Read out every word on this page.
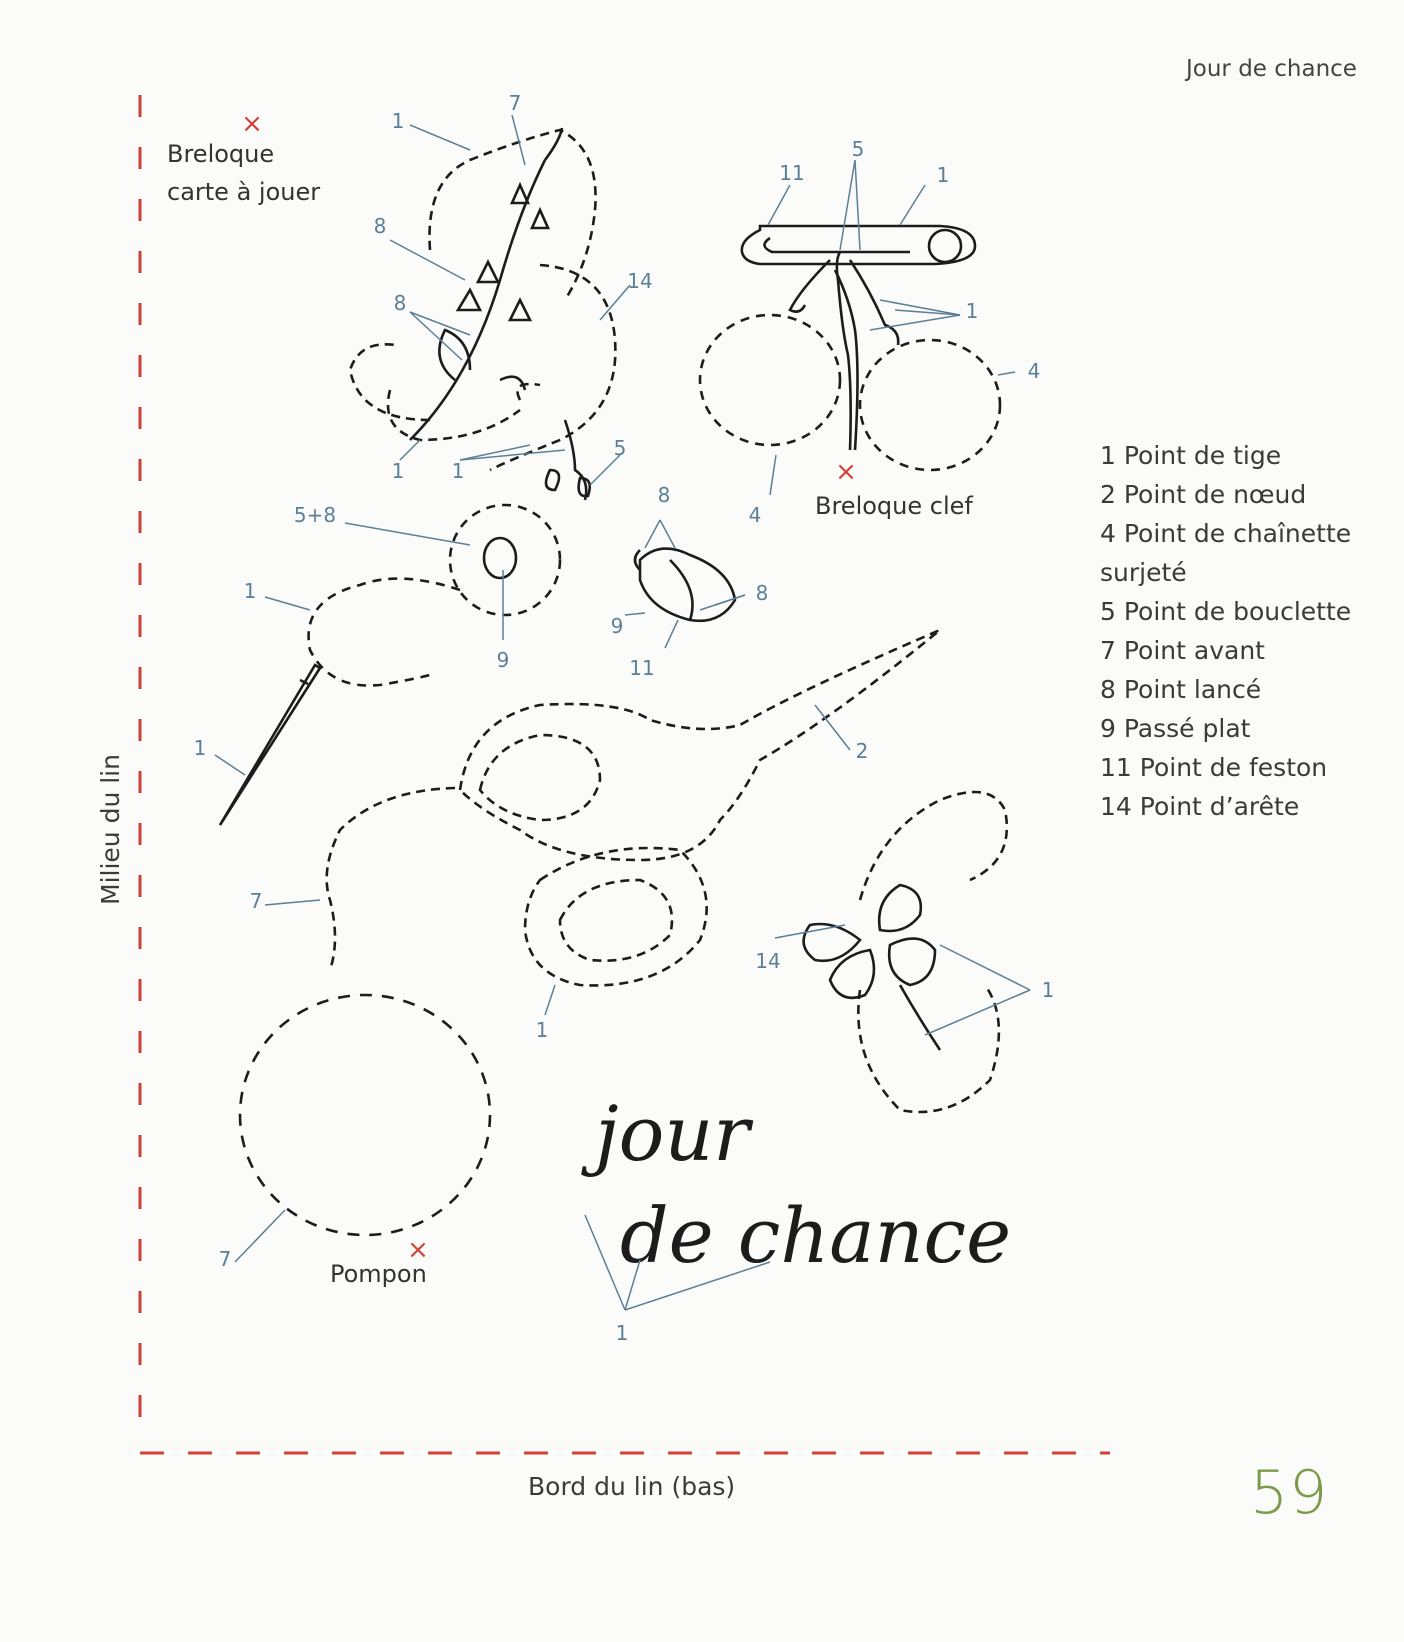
Jour de chance
59
Bord du lin (bas)
Milieu du lin
1 Point de tige
2 Point de nœud
4 Point de chaînette
surjeté
5 Point de bouclette
7 Point avant
8 Point lancé
9 Passé plat
11 Point de feston
14 Point d’arête
×
×
×
Breloque
carte à jouer
Breloque clef
Pompon
jour
de chance
1
7
8
14
8
1 1
5
11
5
1
1
4
4
5+8
1
9
8
8
9
11
1	2
7
1
14
1
7
1
